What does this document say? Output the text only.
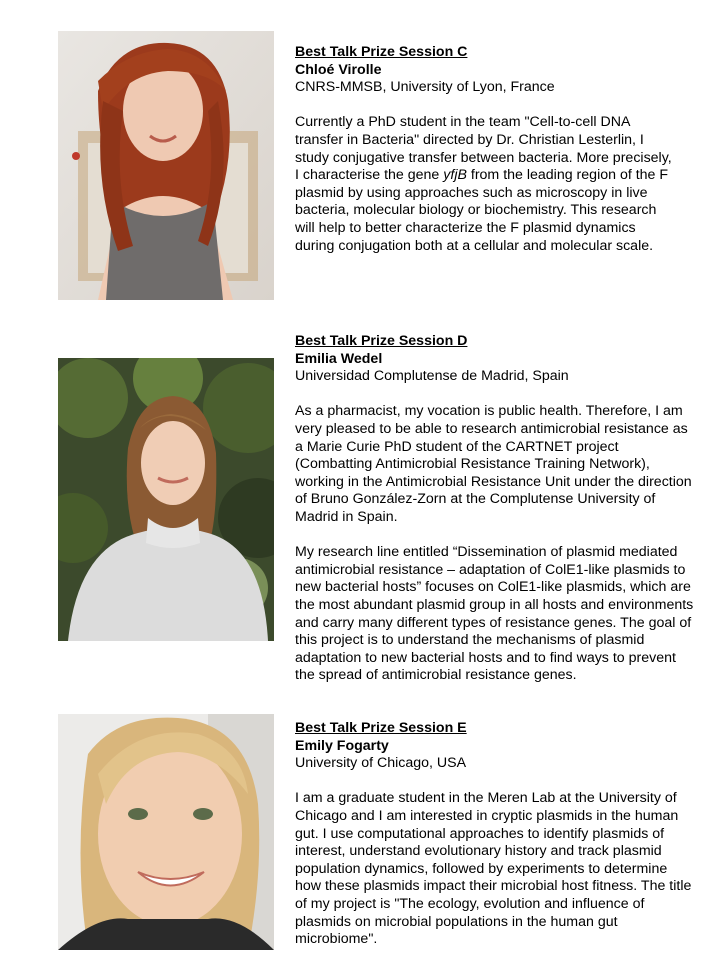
Best Talk Prize Session C
Chloé Virolle
CNRS-MMSB, University of Lyon, France
Currently a PhD student in the team "Cell-to-cell DNA
transfer in Bacteria" directed by Dr. Christian Lesterlin, I
study conjugative transfer between bacteria. More precisely,
I characterise the gene yfjB from the leading region of the F
plasmid by using approaches such as microscopy in live
bacteria, molecular biology or biochemistry. This research
will help to better characterize the F plasmid dynamics
during conjugation both at a cellular and molecular scale.
Best Talk Prize Session D
Emilia Wedel
Universidad Complutense de Madrid, Spain
As a pharmacist, my vocation is public health. Therefore, I am
very pleased to be able to research antimicrobial resistance as
a Marie Curie PhD student of the CARTNET project
(Combatting Antimicrobial Resistance Training Network),
working in the Antimicrobial Resistance Unit under the direction
of Bruno González-Zorn at the Complutense University of
Madrid in Spain.
My research line entitled “Dissemination of plasmid mediated
antimicrobial resistance – adaptation of ColE1-like plasmids to
new bacterial hosts” focuses on ColE1-like plasmids, which are
the most abundant plasmid group in all hosts and environments
and carry many different types of resistance genes. The goal of
this project is to understand the mechanisms of plasmid
adaptation to new bacterial hosts and to find ways to prevent
the spread of antimicrobial resistance genes.
Best Talk Prize Session E
Emily Fogarty
University of Chicago, USA
I am a graduate student in the Meren Lab at the University of
Chicago and I am interested in cryptic plasmids in the human
gut. I use computational approaches to identify plasmids of
interest, understand evolutionary history and track plasmid
population dynamics, followed by experiments to determine
how these plasmids impact their microbial host fitness. The title
of my project is "The ecology, evolution and influence of
plasmids on microbial populations in the human gut
microbiome".
